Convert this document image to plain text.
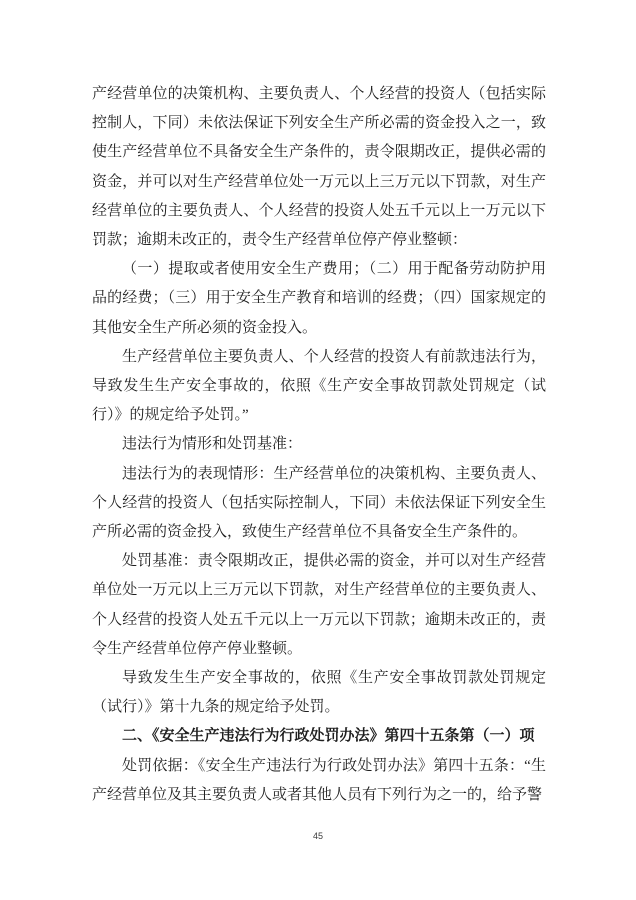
产经营单位的决策机构、主要负责人、个人经营的投资人（包括实际控制人，下同）未依法保证下列安全生产所必需的资金投入之一，致使生产经营单位不具备安全生产条件的，责令限期改正，提供必需的资金，并可以对生产经营单位处一万元以上三万元以下罚款，对生产经营单位的主要负责人、个人经营的投资人处五千元以上一万元以下罚款；逾期未改正的，责令生产经营单位停产停业整顿：

（一）提取或者使用安全生产费用；（二）用于配备劳动防护用品的经费；（三）用于安全生产教育和培训的经费；（四）国家规定的其他安全生产所必须的资金投入。

生产经营单位主要负责人、个人经营的投资人有前款违法行为，导致发生生产安全事故的，依照《生产安全事故罚款处罚规定（试行）》的规定给予处罚。”

违法行为情形和处罚基准：

违法行为的表现情形：生产经营单位的决策机构、主要负责人、个人经营的投资人（包括实际控制人，下同）未依法保证下列安全生产所必需的资金投入，致使生产经营单位不具备安全生产条件的。

处罚基准：责令限期改正，提供必需的资金，并可以对生产经营单位处一万元以上三万元以下罚款，对生产经营单位的主要负责人、个人经营的投资人处五千元以上一万元以下罚款；逾期未改正的，责令生产经营单位停产停业整顿。

导致发生生产安全事故的，依照《生产安全事故罚款处罚规定（试行）》第十九条的规定给予处罚。

二、《安全生产违法行为行政处罚办法》第四十五条第（一）项

处罚依据：《安全生产违法行为行政处罚办法》第四十五条：“生产经营单位及其主要负责人或者其他人员有下列行为之一的，给予警

45
